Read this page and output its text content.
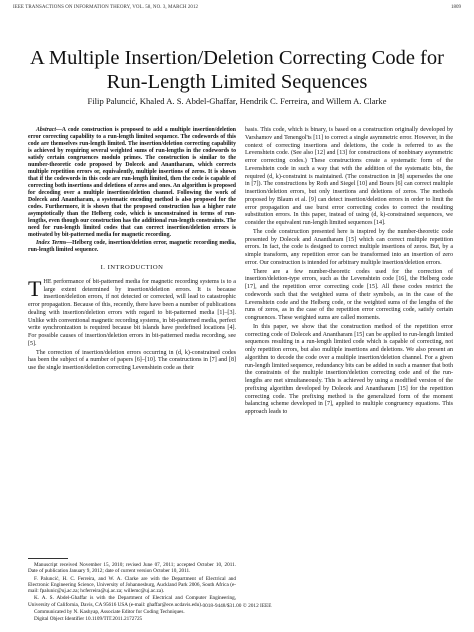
IEEE TRANSACTIONS ON INFORMATION THEORY, VOL. 58, NO. 3, MARCH 2012	1809
A Multiple Insertion/Deletion Correcting Code for
Run-Length Limited Sequences
Filip Paluncić, Khaled A. S. Abdel-Ghaffar, Hendrik C. Ferreira, and Willem A. Clarke

Abstract—A code construction is proposed to add a multiple insertion/deletion error correcting capability to a run-length limited sequence. The codewords of this code are themselves run-length limited. The insertion/deletion correcting capability is achieved by requiring several weighted sums of run-lengths in the codewords to satisfy certain congruences modulo primes. The construction is similar to the number-theoretic code proposed by Dolecek and Anantharam, which corrects multiple repetition errors or, equivalently, multiple insertions of zeros. It is shown that if the codewords in this code are run-length limited, then the code is capable of correcting both insertions and deletions of zeros and ones. An algorithm is proposed for decoding over a multiple insertion/deletion channel. Following the work of Dolecek and Anantharam, a systematic encoding method is also proposed for the codes. Furthermore, it is shown that the proposed construction has a higher rate asymptotically than the Helberg code, which is unconstrained in terms of run-lengths, even though our construction has the additional run-length constraints. The need for run-length limited codes that can correct insertion/deletion errors is motivated by bit-patterned media for magnetic recording.

Index Terms—Helberg code, insertion/deletion error, magnetic recording media, run-length limited sequence.

I. INTRODUCTION

THE performance of bit-patterned media for magnetic recording systems is to a large extent determined by insertion/deletion errors. It is because insertion/deletion errors, if not detected or corrected, will lead to catastrophic error propagation. Because of this, recently, there have been a number of publications dealing with insertion/deletion errors with regard to bit-patterned media [1]–[3]. Unlike with conventional magnetic recording systems, in bit-patterned media, perfect write synchronization is required because bit islands have predefined locations [4]. For possible causes of insertion/deletion errors in bit-patterned media recording, see [5].

The correction of insertion/deletion errors occurring in (d, k)-constrained codes has been the subject of a number of papers [6]–[10]. The constructions in [7] and [8] use the single insertion/deletion correcting Levenshtein code as their

Manuscript received November 15, 2010; revised June 07, 2011; accepted October 10, 2011. Date of publication January 9, 2012; date of current version October 10, 2011.

F. Paluncić, H. C. Ferreira, and W. A. Clarke are with the Department of Electrical and Electronic Engineering Science, University of Johannesburg, Auckland Park 2006, South Africa (e-mail: fpalunic@uj.ac.za; hcferreira@uj.ac.za; willemc@uj.ac.za).

K. A. S. Abdel-Ghaffar is with the Department of Electrical and Computer Engineering, University of California, Davis, CA 95616 USA (e-mail: ghaffar@ece.ucdavis.edu).

Communicated by N. Kashyap, Associate Editor for Coding Techniques.

Digital Object Identifier 10.1109/TIT.2011.2172725

basis. This code, which is binary, is based on a construction originally developed by Varshamov and Tenengol'ts [11] to correct a single asymmetric error. However, in the context of correcting insertions and deletions, the code is referred to as the Levenshtein code. (See also [12] and [13] for constructions of nonbinary asymmetric error correcting codes.) These constructions create a systematic form of the Levenshtein code in such a way that with the addition of the systematic bits, the required (d, k)-constraint is maintained. (The construction in [8] supersedes the one in [7]). The constructions by Roth and Siegel [10] and Bours [6] can correct multiple insertion/deletion errors, but only insertions and deletions of zeros. The methods proposed by Blaum et al. [9] can detect insertion/deletion errors in order to limit the error propagation and use burst error correcting codes to correct the resulting substitution errors. In this paper, instead of using (d, k)-constrained sequences, we consider the equivalent run-length limited sequences [14].

The code construction presented here is inspired by the number-theoretic code presented by Dolecek and Anantharam [15] which can correct multiple repetition errors. In fact, the code is designed to correct multiple insertions of zeros. But, by a simple transform, any repetition error can be transformed into an insertion of zero error. Our construction is intended for arbitrary multiple insertion/deletion errors.

There are a few number-theoretic codes used for the correction of insertion/deletion-type errors, such as the Levenshtein code [16], the Helberg code [17], and the repetition error correcting code [15]. All these codes restrict the codewords such that the weighted sums of their symbols, as in the case of the Levenshtein code and the Helberg code, or the weighted sums of the lengths of the runs of zeros, as in the case of the repetition error correcting code, satisfy certain congruences. These weighted sums are called moments.

In this paper, we show that the construction method of the repetition error correcting code of Dolecek and Anantharam [15] can be applied to run-length limited sequences resulting in a run-length limited code which is capable of correcting, not only repetition errors, but also multiple insertions and deletions. We also present an algorithm to decode the code over a multiple insertion/deletion channel. For a given run-length limited sequence, redundancy bits can be added in such a manner that both the constraints of the multiple insertion/deletion correcting code and of the run-lengths are met simultaneously. This is achieved by using a modified version of the prefixing algorithm developed by Dolecek and Anantharam [15] for the repetition correcting code. The prefixing method is the generalized form of the moment balancing scheme developed in [7], applied to multiple congruency equations. This approach leads to

0018-9448/$31.00 © 2012 IEEE
